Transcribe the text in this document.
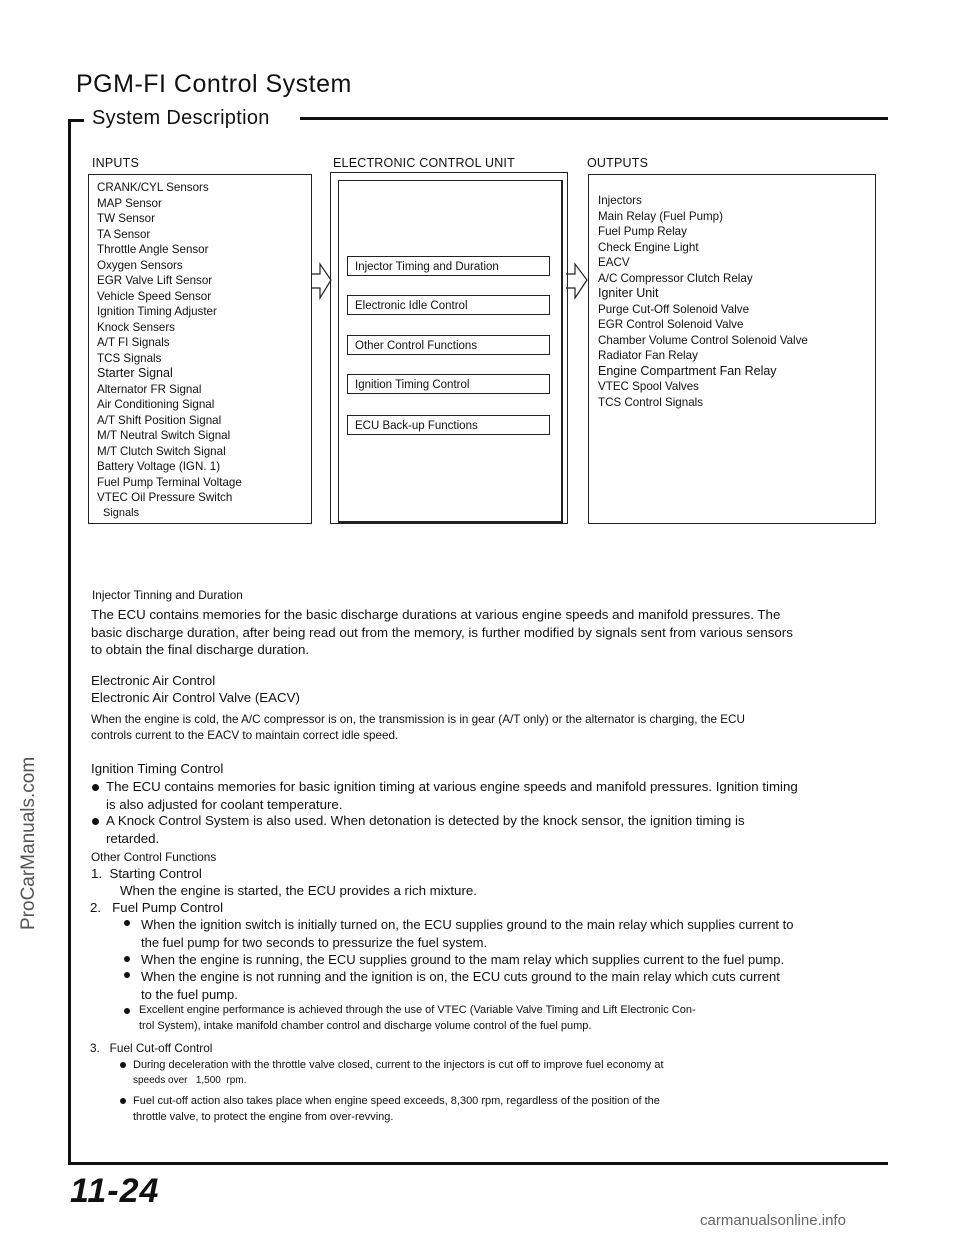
PGM-FI Control System
System Description
INPUTS	ELECTRONIC CONTROL UNIT	OUTPUTS
CRANK/CYL Sensors
MAP Sensor
TW Sensor
TA Sensor
Throttle Angle Sensor
Oxygen Sensors
EGR Valve Lift Sensor
Vehicle Speed Sensor
Ignition Timing Adjuster
Knock Sensers
A/T FI Signals
TCS Signals
Starter Signal
Alternator FR Signal
Air Conditioning Signal
A/T Shift Position Signal
M/T Neutral Switch Signal
M/T Clutch Switch Signal
Battery Voltage (IGN. 1)
Fuel Pump Terminal Voltage
VTEC Oil Pressure Switch
Signals
Injector Timing and Duration
Electronic Idle Control
Other Control Functions
Ignition Timing Control
ECU Back-up Functions
Injectors
Main Relay (Fuel Pump)
Fuel Pump Relay
Check Engine Light
EACV
A/C Compressor Clutch Relay
Igniter Unit
Purge Cut-Off Solenoid Valve
EGR Control Solenoid Valve
Chamber Volume Control Solenoid Valve
Radiator Fan Relay
Engine Compartment Fan Relay
VTEC Spool Valves
TCS Control Signals
Injector Tinning and Duration
The ECU contains memories for the basic discharge durations at various engine speeds and manifold pressures. The
basic discharge duration, after being read out from the memory, is further modified by signals sent from various sensors
to obtain the final discharge duration.
Electronic Air Control
Electronic Air Control Valve (EACV)
When the engine is cold, the A/C compressor is on, the transmission is in gear (A/T only) or the alternator is charging, the ECU
controls current to the EACV to maintain correct idle speed.
Ignition Timing Control
The ECU contains memories for basic ignition timing at various engine speeds and manifold pressures. Ignition timing
is also adjusted for coolant temperature.
A Knock Control System is also used. When detonation is detected by the knock sensor, the ignition timing is
retarded.
Other Control Functions
1.  Starting Control
When the engine is started, the ECU provides a rich mixture.
2.   Fuel Pump Control
When the ignition switch is initially turned on, the ECU supplies ground to the main relay which supplies current to
the fuel pump for two seconds to pressurize the fuel system.
When the engine is running, the ECU supplies ground to the mam relay which supplies current to the fuel pump.
When the engine is not running and the ignition is on, the ECU cuts ground to the main relay which cuts current
to the fuel pump.
Excellent engine performance is achieved through the use of VTEC (Variable Valve Timing and Lift Electronic Con-
trol System), intake manifold chamber control and discharge volume control of the fuel pump.
3.   Fuel Cut-off Control
During deceleration with the throttle valve closed, current to the injectors is cut off to improve fuel economy at
speeds over   1,500  rpm.
Fuel cut-off action also takes place when engine speed exceeds, 8,300 rpm, regardless of the position of the
throttle valve, to protect the engine from over-revving.
11-24
ProCarManuals.com
carmanualsonline.info
